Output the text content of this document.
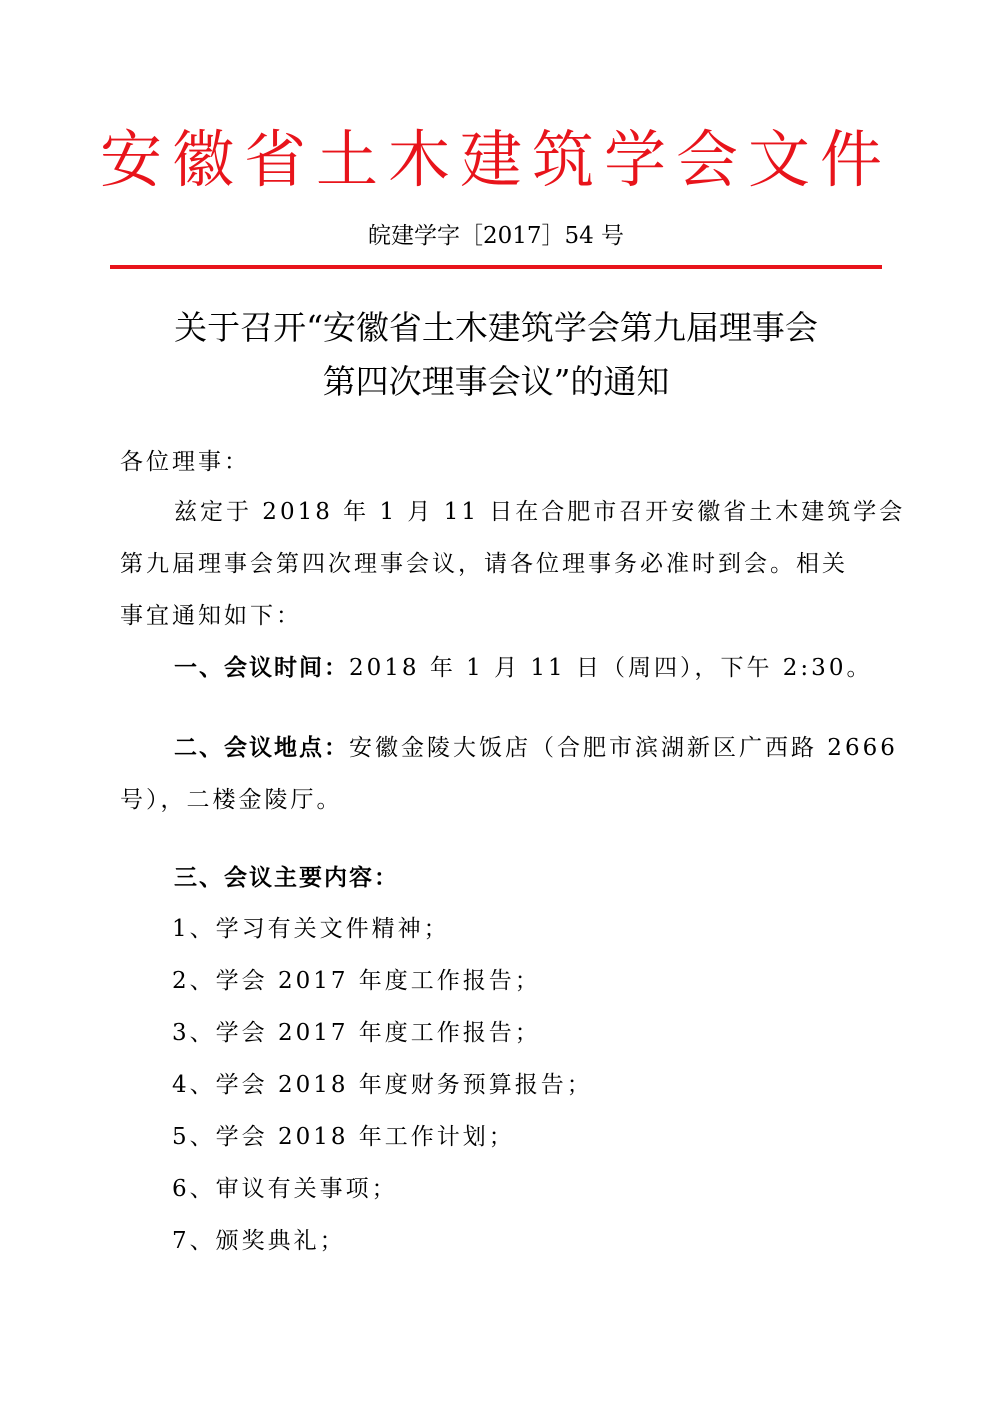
安徽省土木建筑学会文件
皖建学字［2017］54 号
关于召开“安徽省土木建筑学会第九届理事会
第四次理事会议”的通知
各位理事：
兹定于 2018 年 1 月 11 日在合肥市召开安徽省土木建筑学会
第九届理事会第四次理事会议，请各位理事务必准时到会。相关
事宜通知如下：
一、会议时间：2018 年 1 月 11 日（周四），下午 2:30。
二、会议地点：安徽金陵大饭店（合肥市滨湖新区广西路 2666
号），二楼金陵厅。
三、会议主要内容：
1、学习有关文件精神；
2、学会 2017 年度工作报告；
3、学会 2017 年度工作报告；
4、学会 2018 年度财务预算报告；
5、学会 2018 年工作计划；
6、审议有关事项；
7、颁奖典礼；
